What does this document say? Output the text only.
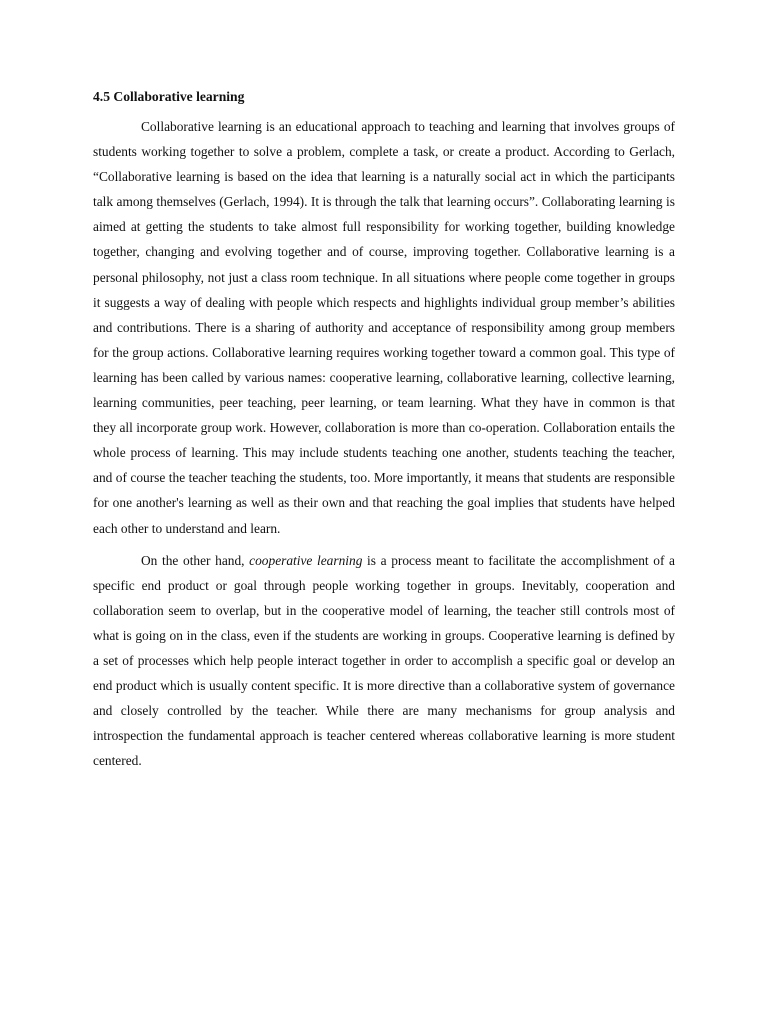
4.5 Collaborative learning

Collaborative learning is an educational approach to teaching and learning that involves groups of students working together to solve a problem, complete a task, or create a product. According to Gerlach, “Collaborative learning is based on the idea that learning is a naturally social act in which the participants talk among themselves (Gerlach, 1994). It is through the talk that learning occurs”. Collaborating learning is aimed at getting the students to take almost full responsibility for working together, building knowledge together, changing and evolving together and of course, improving together. Collaborative learning is a personal philosophy, not just a class room technique. In all situations where people come together in groups it suggests a way of dealing with people which respects and highlights individual group member’s abilities and contributions. There is a sharing of authority and acceptance of responsibility among group members for the group actions. Collaborative learning requires working together toward a common goal. This type of learning has been called by various names: cooperative learning, collaborative learning, collective learning, learning communities, peer teaching, peer learning, or team learning. What they have in common is that they all incorporate group work. However, collaboration is more than co-operation. Collaboration entails the whole process of learning. This may include students teaching one another, students teaching the teacher, and of course the teacher teaching the students, too. More importantly, it means that students are responsible for one another's learning as well as their own and that reaching the goal implies that students have helped each other to understand and learn.

On the other hand, cooperative learning is a process meant to facilitate the accomplishment of a specific end product or goal through people working together in groups. Inevitably, cooperation and collaboration seem to overlap, but in the cooperative model of learning, the teacher still controls most of what is going on in the class, even if the students are working in groups. Cooperative learning is defined by a set of processes which help people interact together in order to accomplish a specific goal or develop an end product which is usually content specific. It is more directive than a collaborative system of governance and closely controlled by the teacher. While there are many mechanisms for group analysis and introspection the fundamental approach is teacher centered whereas collaborative learning is more student centered.
